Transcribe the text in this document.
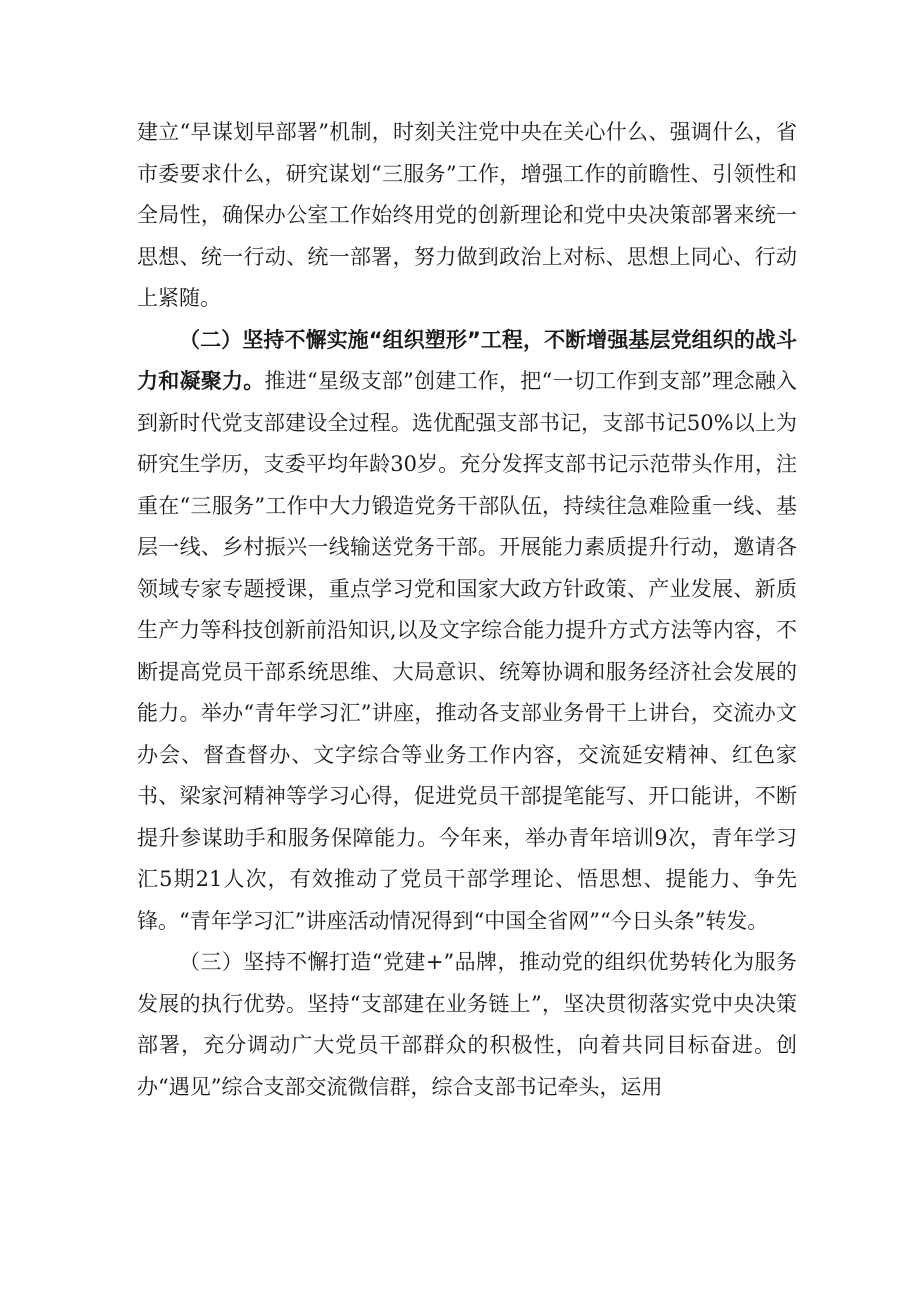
建立“早谋划早部署”机制，时刻关注党中央在关心什么、强调什么，省市委要求什么，研究谋划“三服务”工作，增强工作的前瞻性、引领性和全局性，确保办公室工作始终用党的创新理论和党中央决策部署来统一思想、统一行动、统一部署，努力做到政治上对标、思想上同心、行动上紧随。

（二）坚持不懈实施“组织塑形”工程，不断增强基层党组织的战斗力和凝聚力。推进“星级支部”创建工作，把“一切工作到支部”理念融入到新时代党支部建设全过程。选优配强支部书记，支部书记50%以上为研究生学历，支委平均年龄30岁。充分发挥支部书记示范带头作用，注重在“三服务”工作中大力锻造党务干部队伍，持续往急难险重一线、基层一线、乡村振兴一线输送党务干部。开展能力素质提升行动，邀请各领域专家专题授课，重点学习党和国家大政方针政策、产业发展、新质生产力等科技创新前沿知识,以及文字综合能力提升方式方法等内容，不断提高党员干部系统思维、大局意识、统筹协调和服务经济社会发展的能力。举办“青年学习汇”讲座，推动各支部业务骨干上讲台，交流办文办会、督查督办、文字综合等业务工作内容，交流延安精神、红色家书、梁家河精神等学习心得，促进党员干部提笔能写、开口能讲，不断提升参谋助手和服务保障能力。今年来，举办青年培训9次，青年学习汇5期21人次，有效推动了党员干部学理论、悟思想、提能力、争先锋。“青年学习汇”讲座活动情况得到“中国全省网”“今日头条”转发。

（三）坚持不懈打造“党建+”品牌，推动党的组织优势转化为服务发展的执行优势。坚持“支部建在业务链上”，坚决贯彻落实党中央决策部署，充分调动广大党员干部群众的积极性，向着共同目标奋进。创办“遇见”综合支部交流微信群，综合支部书记牵头，运用
